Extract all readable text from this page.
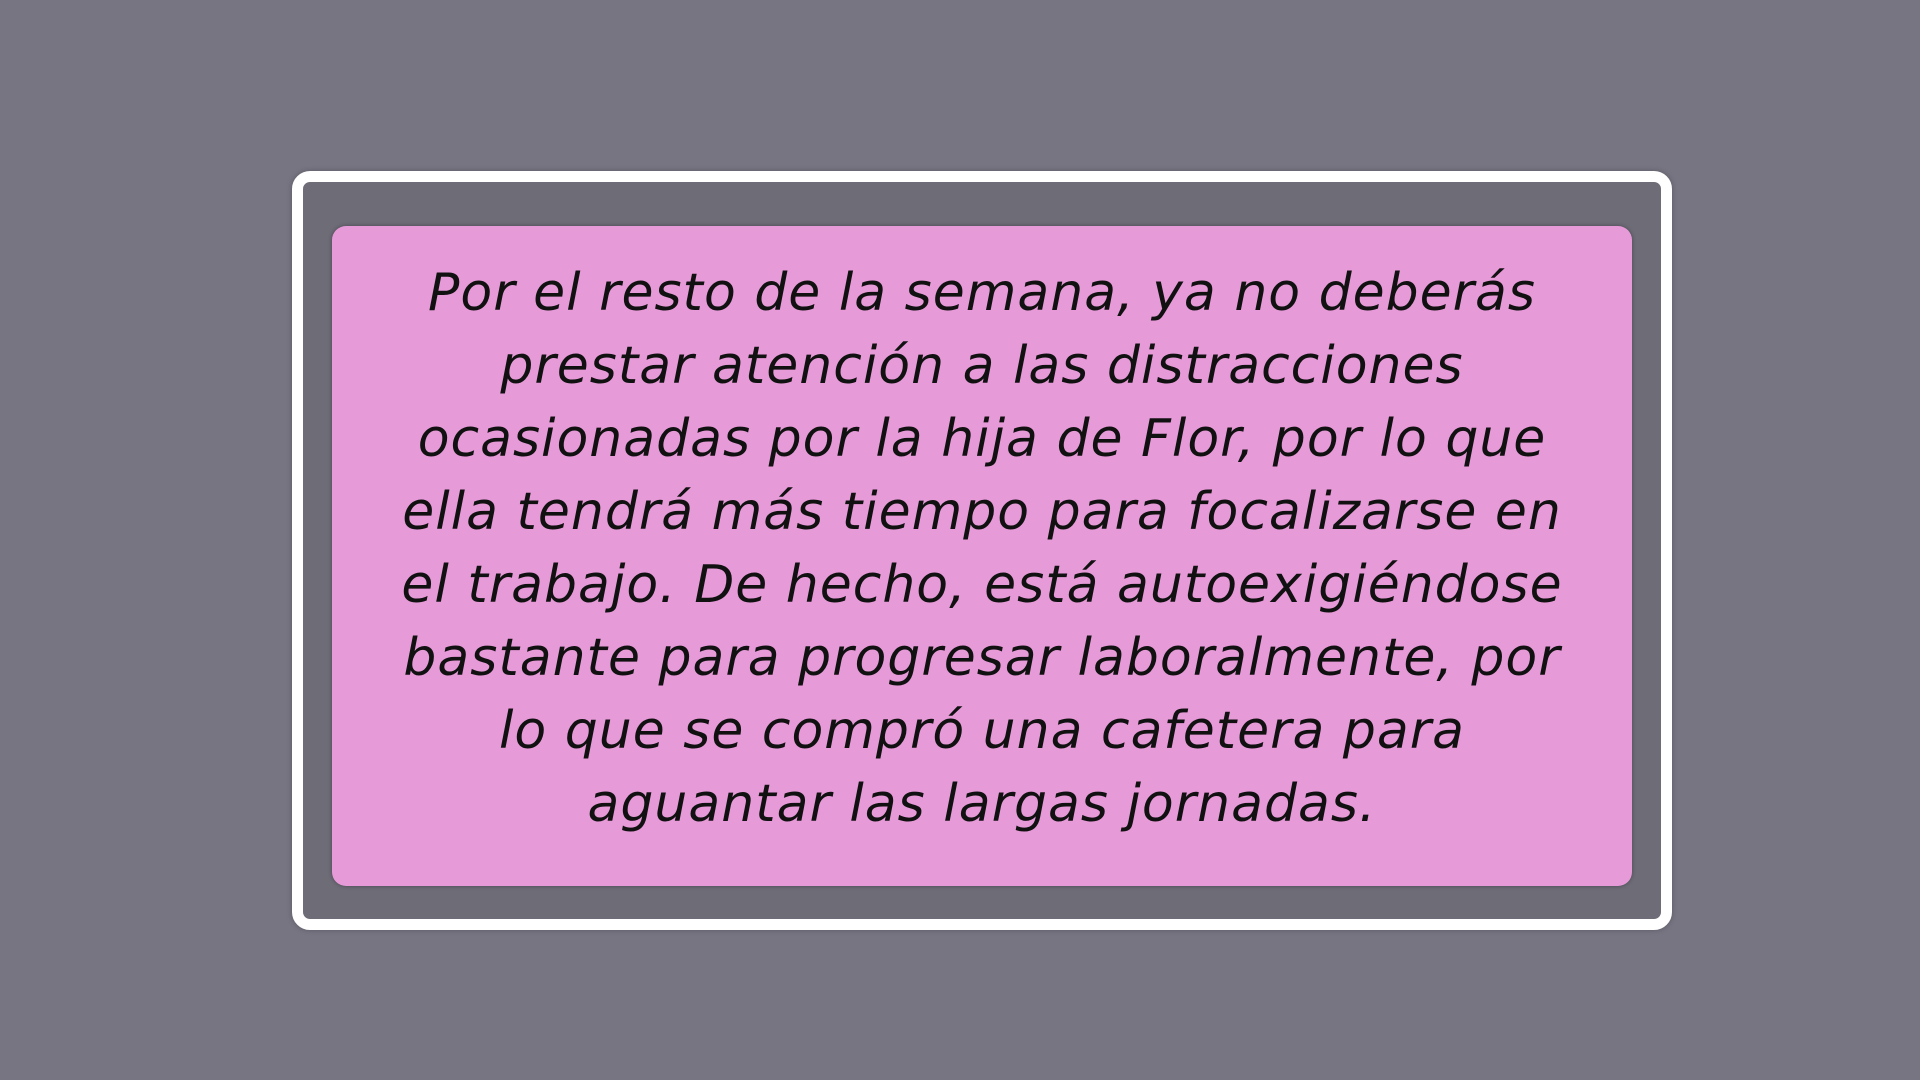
Por el resto de la semana, ya no deberás prestar atención a las distracciones ocasionadas por la hija de Flor, por lo que ella tendrá más tiempo para focalizarse en el trabajo. De hecho, está autoexigiéndose bastante para progresar laboralmente, por lo que se compró una cafetera para aguantar las largas jornadas.
